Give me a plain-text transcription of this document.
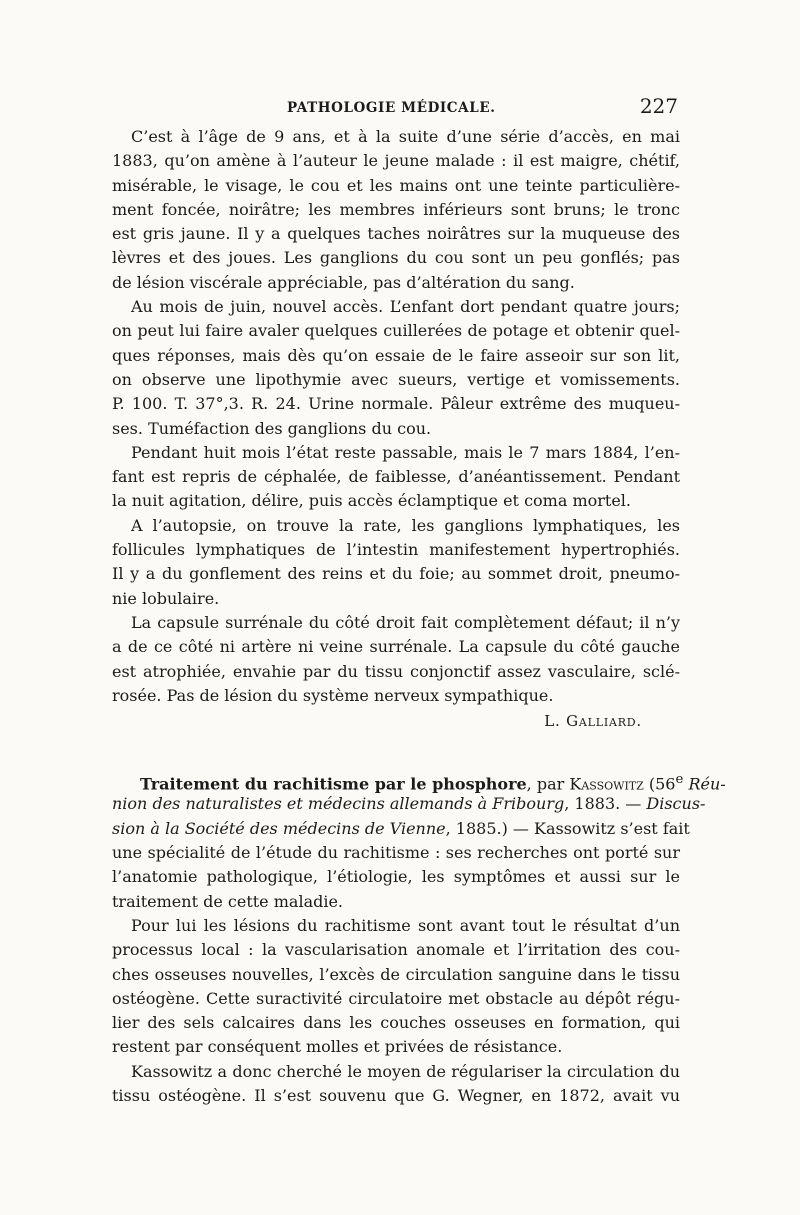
PATHOLOGIE MÉDICALE.	227
C’est à l’âge de 9 ans, et à la suite d’une série d’accès, en mai
1883, qu’on amène à l’auteur le jeune malade : il est maigre, chétif,
misérable, le visage, le cou et les mains ont une teinte particulière-
ment foncée, noirâtre; les membres inférieurs sont bruns; le tronc
est gris jaune. Il y a quelques taches noirâtres sur la muqueuse des
lèvres et des joues. Les ganglions du cou sont un peu gonflés; pas
de lésion viscérale appréciable, pas d’altération du sang.
Au mois de juin, nouvel accès. L’enfant dort pendant quatre jours;
on peut lui faire avaler quelques cuillerées de potage et obtenir quel-
ques réponses, mais dès qu’on essaie de le faire asseoir sur son lit,
on observe une lipothymie avec sueurs, vertige et vomissements.
P. 100. T. 37°,3. R. 24. Urine normale. Pâleur extrême des muqueu-
ses. Tuméfaction des ganglions du cou.
Pendant huit mois l’état reste passable, mais le 7 mars 1884, l’en-
fant est repris de céphalée, de faiblesse, d’anéantissement. Pendant
la nuit agitation, délire, puis accès éclamptique et coma mortel.
A l’autopsie, on trouve la rate, les ganglions lymphatiques, les
follicules lymphatiques de l’intestin manifestement hypertrophiés.
Il y a du gonflement des reins et du foie; au sommet droit, pneumo-
nie lobulaire.
La capsule surrénale du côté droit fait complètement défaut; il n’y
a de ce côté ni artère ni veine surrénale. La capsule du côté gauche
est atrophiée, envahie par du tissu conjonctif assez vasculaire, sclé-
rosée. Pas de lésion du système nerveux sympathique.
L. Galliard.
Traitement du rachitisme par le phosphore, par Kassowitz (56e Réu-
nion des naturalistes et médecins allemands à Fribourg, 1883. — Discus-
sion à la Société des médecins de Vienne, 1885.) — Kassowitz s’est fait
une spécialité de l’étude du rachitisme : ses recherches ont porté sur
l’anatomie pathologique, l’étiologie, les symptômes et aussi sur le
traitement de cette maladie.
Pour lui les lésions du rachitisme sont avant tout le résultat d’un
processus local : la vascularisation anomale et l’irritation des cou-
ches osseuses nouvelles, l’excès de circulation sanguine dans le tissu
ostéogène. Cette suractivité circulatoire met obstacle au dépôt régu-
lier des sels calcaires dans les couches osseuses en formation, qui
restent par conséquent molles et privées de résistance.
Kassowitz a donc cherché le moyen de régulariser la circulation du
tissu ostéogène. Il s’est souvenu que G. Wegner, en 1872, avait vu
